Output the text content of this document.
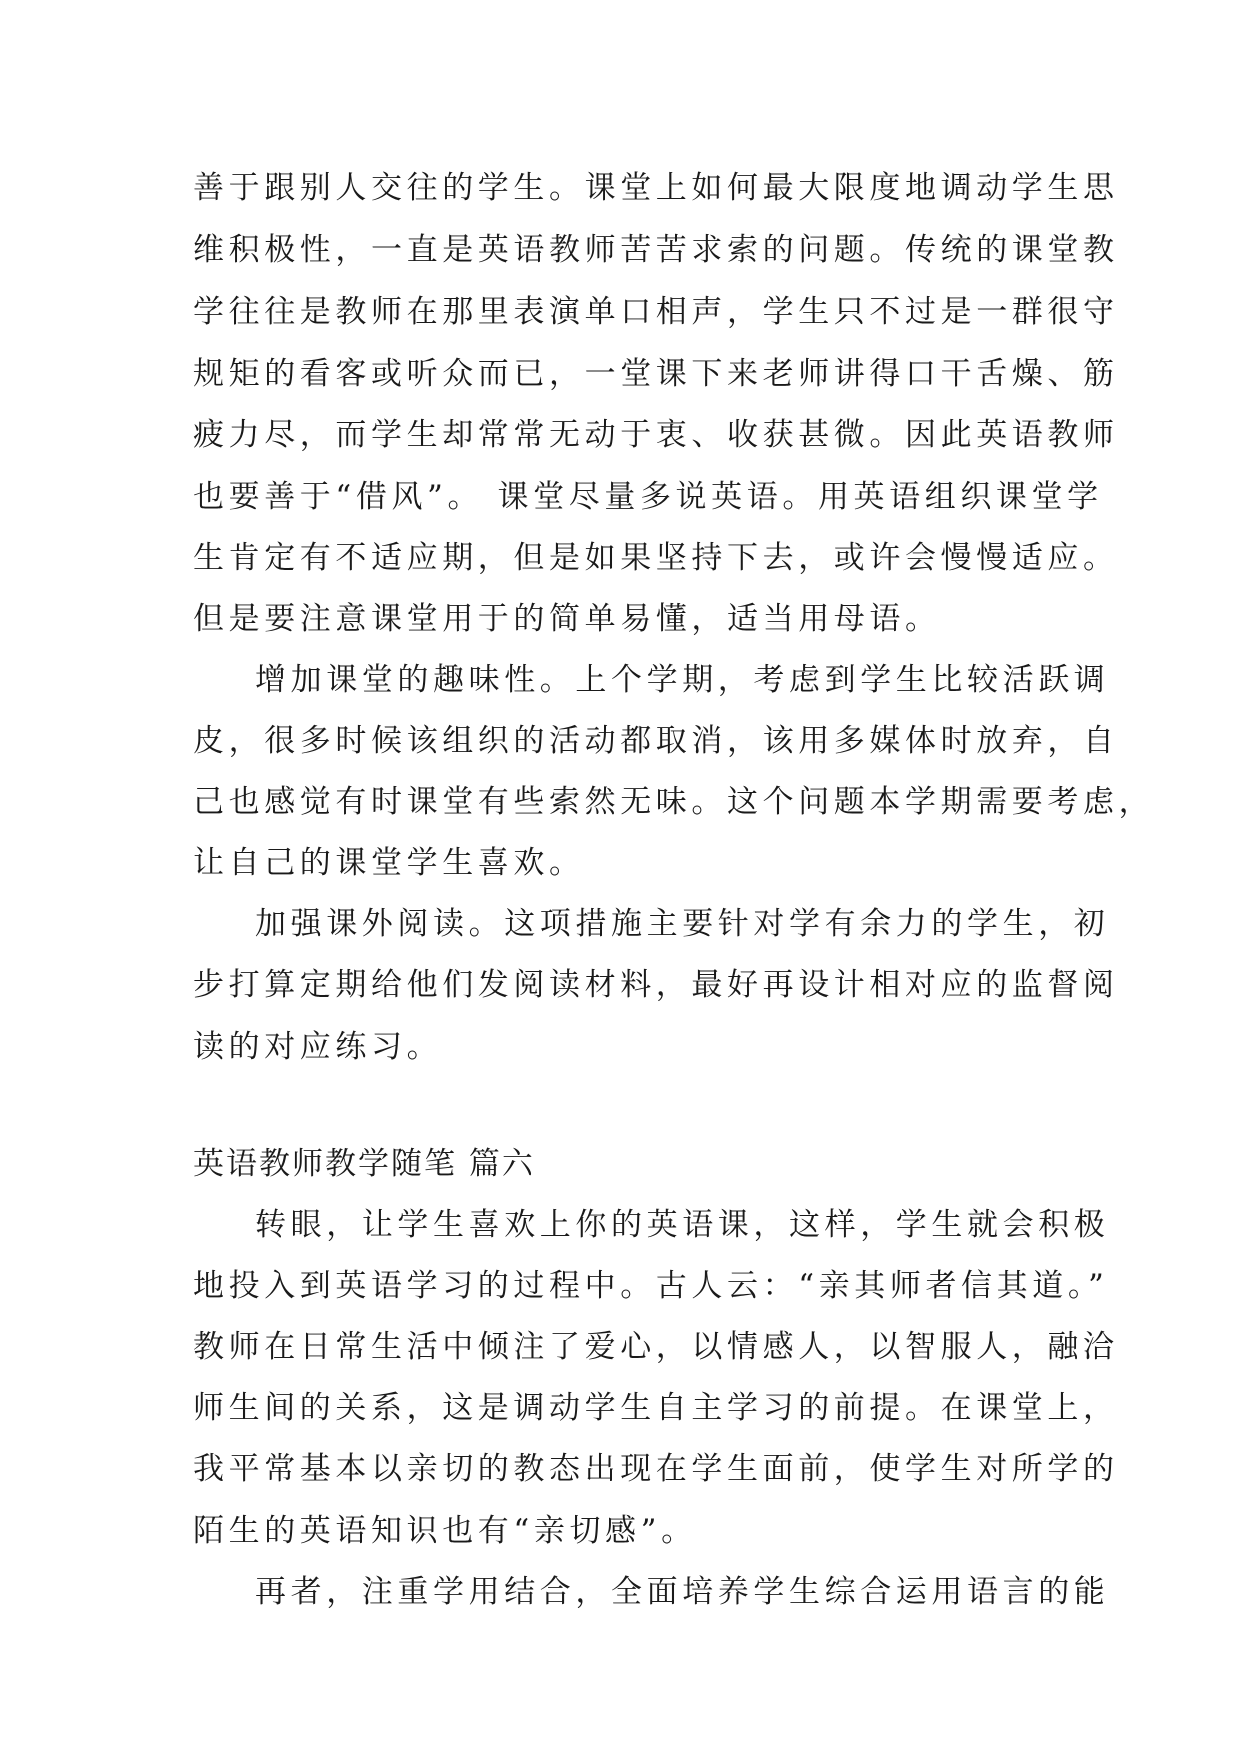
善于跟别人交往的学生。课堂上如何最大限度地调动学生思
维积极性，一直是英语教师苦苦求索的问题。传统的课堂教
学往往是教师在那里表演单口相声，学生只不过是一群很守
规矩的看客或听众而已，一堂课下来老师讲得口干舌燥、筋
疲力尽，而学生却常常无动于衷、收获甚微。因此英语教师
也要善于“借风”。 课堂尽量多说英语。用英语组织课堂学
生肯定有不适应期，但是如果坚持下去，或许会慢慢适应。
但是要注意课堂用于的简单易懂，适当用母语。
增加课堂的趣味性。上个学期，考虑到学生比较活跃调
皮，很多时候该组织的活动都取消，该用多媒体时放弃，自
己也感觉有时课堂有些索然无味。这个问题本学期需要考虑，
让自己的课堂学生喜欢。
加强课外阅读。这项措施主要针对学有余力的学生，初
步打算定期给他们发阅读材料，最好再设计相对应的监督阅
读的对应练习。
英语教师教学随笔 篇六
转眼，让学生喜欢上你的英语课，这样，学生就会积极
地投入到英语学习的过程中。古人云：“亲其师者信其道。”
教师在日常生活中倾注了爱心，以情感人，以智服人，融洽
师生间的关系，这是调动学生自主学习的前提。在课堂上，
我平常基本以亲切的教态出现在学生面前，使学生对所学的
陌生的英语知识也有“亲切感”。
再者，注重学用结合，全面培养学生综合运用语言的能
